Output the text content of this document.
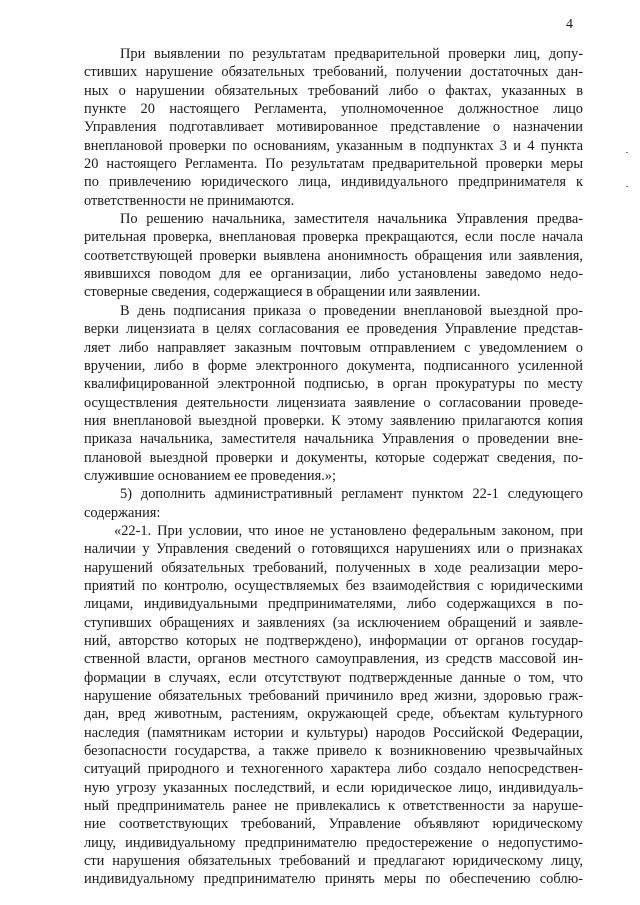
4
При выявлении по результатам предварительной проверки лиц, допу-
стивших нарушение обязательных требований, получении достаточных дан-
ных о нарушении обязательных требований либо о фактах, указанных в
пункте 20 настоящего Регламента, уполномоченное должностное лицо
Управления подготавливает мотивированное представление о назначении
внеплановой проверки по основаниям, указанным в подпунктах 3 и 4 пункта
20 настоящего Регламента. По результатам предварительной проверки меры
по привлечению юридического лица, индивидуального предпринимателя к
ответственности не принимаются.
По решению начальника, заместителя начальника Управления предва-
рительная проверка, внеплановая проверка прекращаются, если после начала
соответствующей проверки выявлена анонимность обращения или заявления,
явившихся поводом для ее организации, либо установлены заведомо недо-
стоверные сведения, содержащиеся в обращении или заявлении.
В день подписания приказа о проведении внеплановой выездной про-
верки лицензиата в целях согласования ее проведения Управление представ-
ляет либо направляет заказным почтовым отправлением с уведомлением о
вручении, либо в форме электронного документа, подписанного усиленной
квалифицированной электронной подписью, в орган прокуратуры по месту
осуществления деятельности лицензиата заявление о согласовании проведе-
ния внеплановой выездной проверки. К этому заявлению прилагаются копия
приказа начальника, заместителя начальника Управления о проведении вне-
плановой выездной проверки и документы, которые содержат сведения, по-
служившие основанием ее проведения.»;
5) дополнить административный регламент пунктом 22-1 следующего
содержания:
«22-1. При условии, что иное не установлено федеральным законом, при
наличии у Управления сведений о готовящихся нарушениях или о признаках
нарушений обязательных требований, полученных в ходе реализации меро-
приятий по контролю, осуществляемых без взаимодействия с юридическими
лицами, индивидуальными предпринимателями, либо содержащихся в по-
ступивших обращениях и заявлениях (за исключением обращений и заявле-
ний, авторство которых не подтверждено), информации от органов государ-
ственной власти, органов местного самоуправления, из средств массовой ин-
формации в случаях, если отсутствуют подтвержденные данные о том, что
нарушение обязательных требований причинило вред жизни, здоровью граж-
дан, вред животным, растениям, окружающей среде, объектам культурного
наследия (памятникам истории и культуры) народов Российской Федерации,
безопасности государства, а также привело к возникновению чрезвычайных
ситуаций природного и техногенного характера либо создало непосредствен-
ную угрозу указанных последствий, и если юридическое лицо, индивидуаль-
ный предприниматель ранее не привлекались к ответственности за наруше-
ние соответствующих требований, Управление объявляют юридическому
лицу, индивидуальному предпринимателю предостережение о недопустимо-
сти нарушения обязательных требований и предлагают юридическому лицу,
индивидуальному предпринимателю принять меры по обеспечению соблю-
